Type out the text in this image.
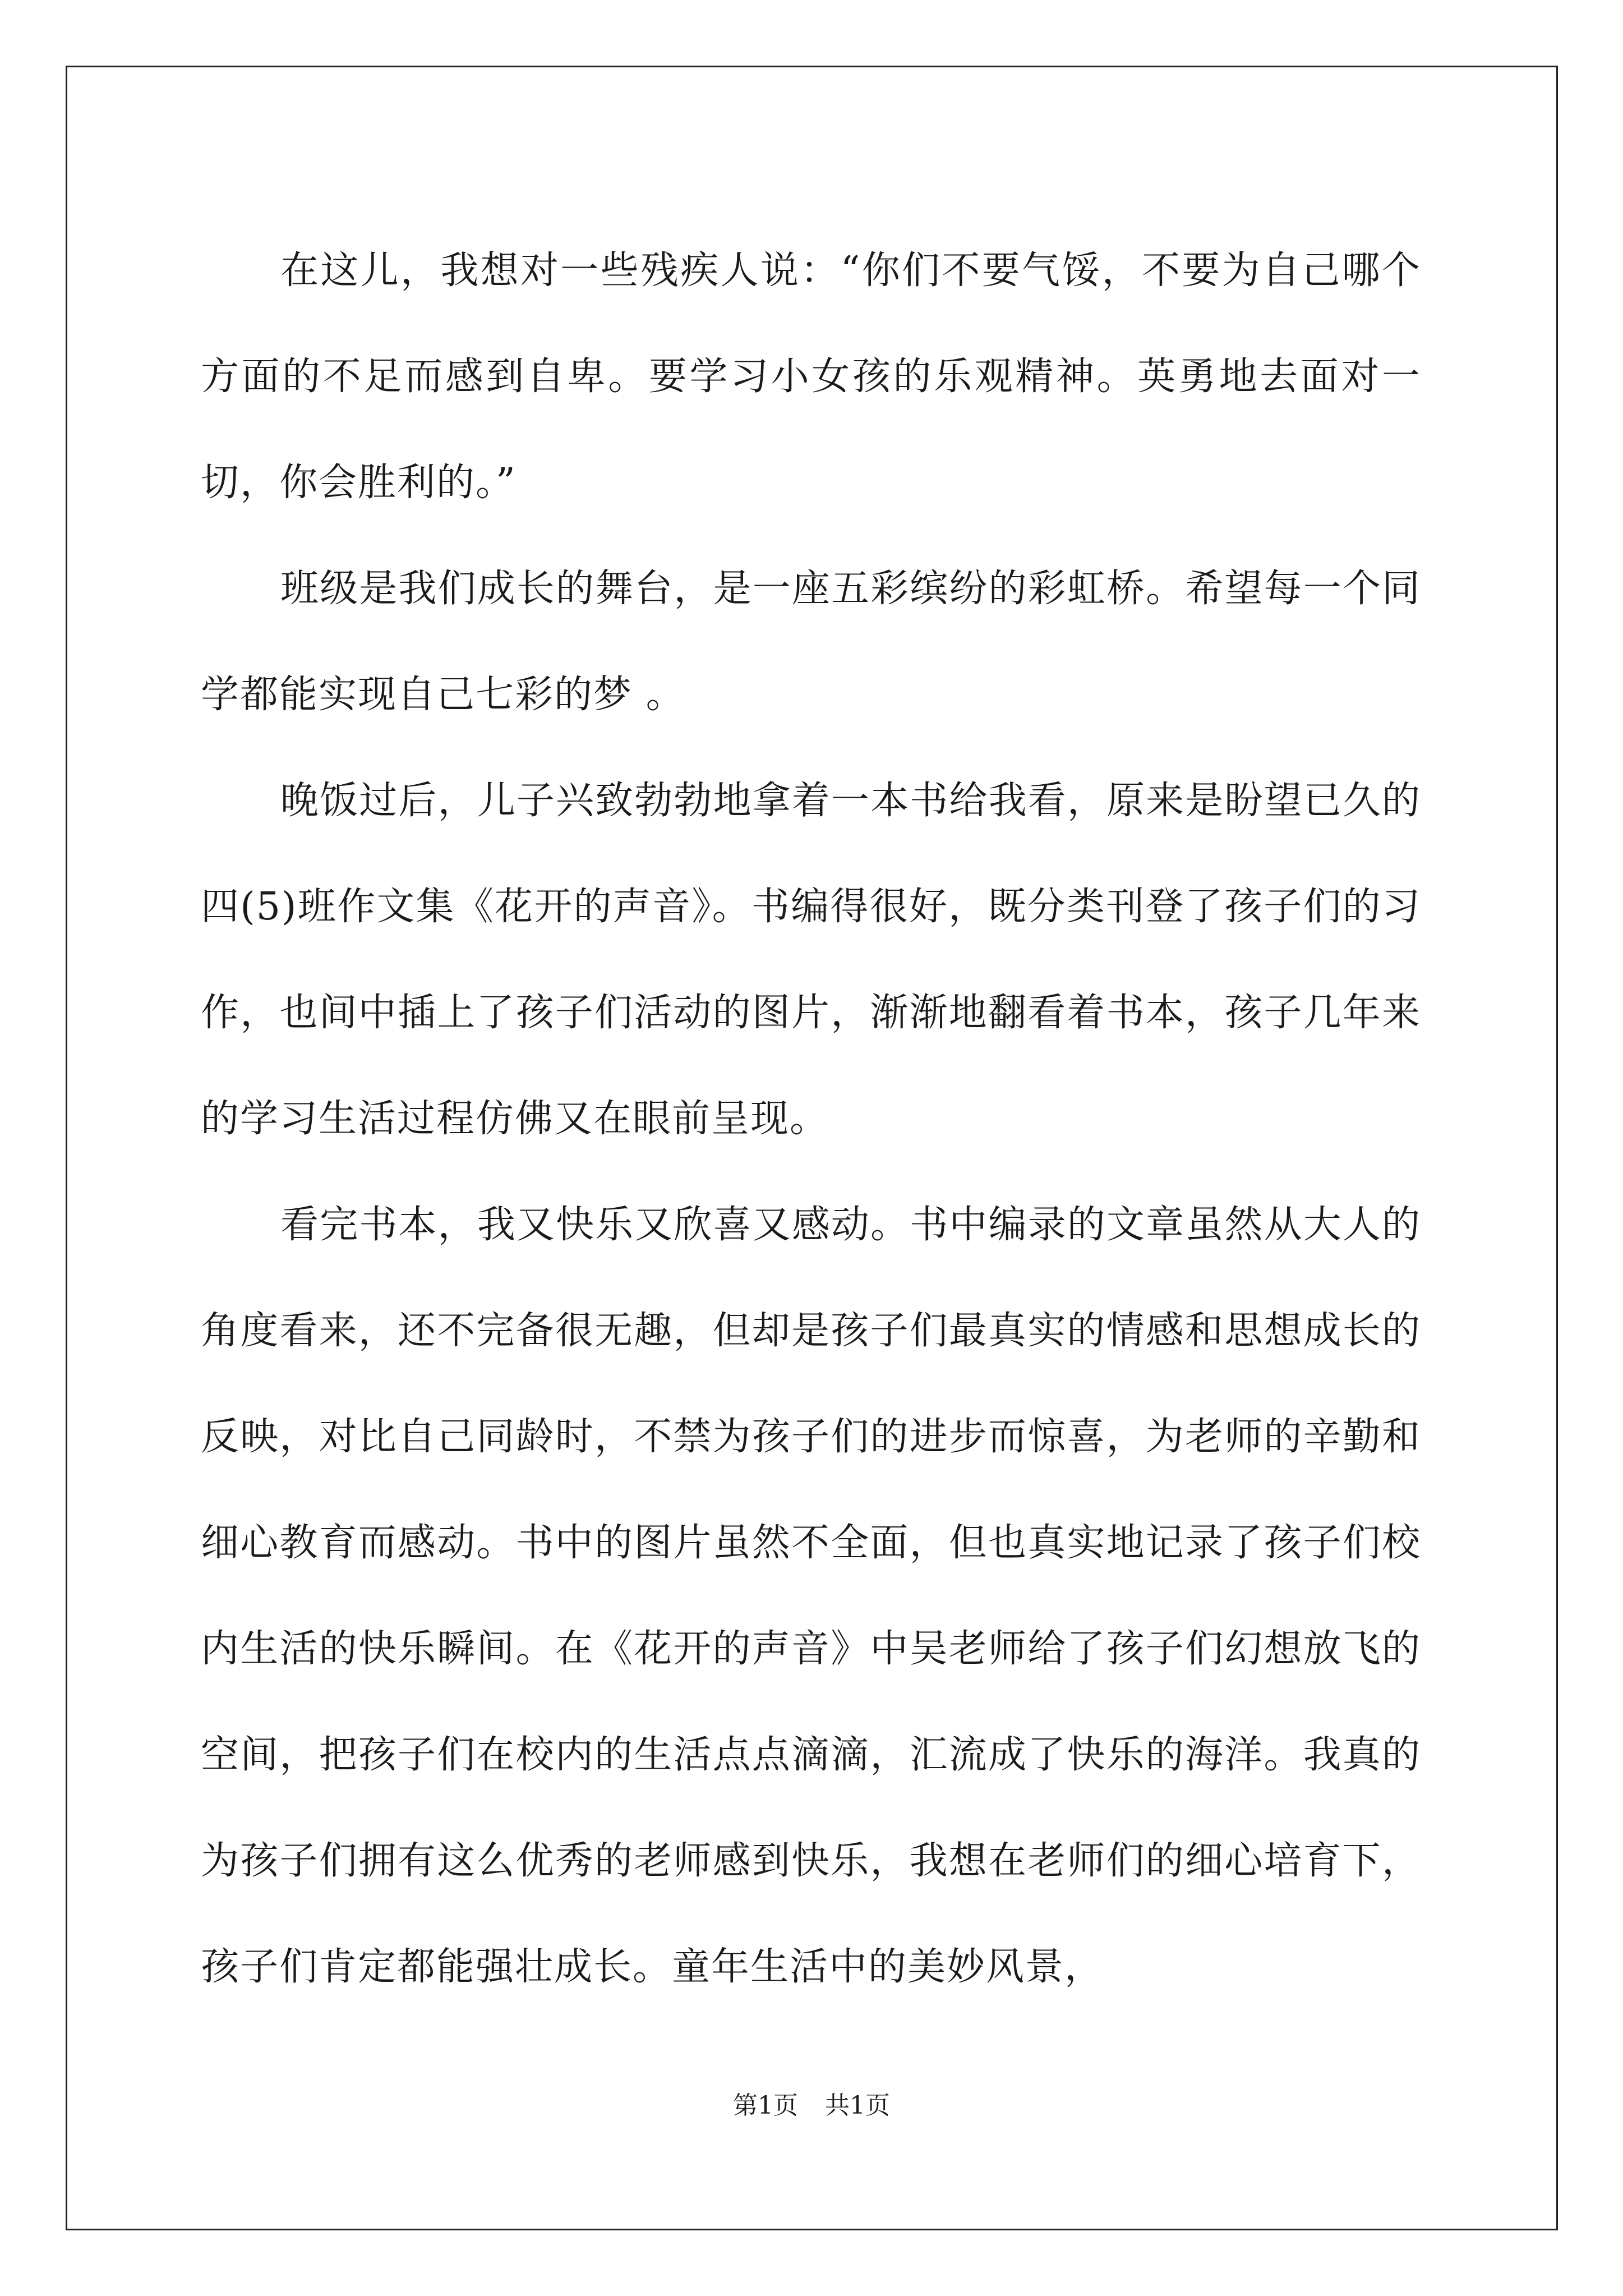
在这儿，我想对一些残疾人说：“你们不要气馁，不要为自己哪个方面的不足而感到自卑。要学习小女孩的乐观精神。英勇地去面对一切，你会胜利的。”

班级是我们成长的舞台，是一座五彩缤纷的彩虹桥。希望每一个同学都能实现自己七彩的梦 。

晚饭过后，儿子兴致勃勃地拿着一本书给我看，原来是盼望已久的四(5)班作文集《花开的声音》。书编得很好，既分类刊登了孩子们的习作，也间中插上了孩子们活动的图片，渐渐地翻看着书本，孩子几年来的学习生活过程仿佛又在眼前呈现。

看完书本，我又快乐又欣喜又感动。书中编录的文章虽然从大人的角度看来，还不完备很无趣，但却是孩子们最真实的情感和思想成长的反映，对比自己同龄时，不禁为孩子们的进步而惊喜，为老师的辛勤和细心教育而感动。书中的图片虽然不全面，但也真实地记录了孩子们校内生活的快乐瞬间。在《花开的声音》中吴老师给了孩子们幻想放飞的空间，把孩子们在校内的生活点点滴滴，汇流成了快乐的海洋。我真的为孩子们拥有这么优秀的老师感到快乐，我想在老师们的细心培育下，孩子们肯定都能强壮成长。童年生活中的美妙风景，

第1页 共1页
